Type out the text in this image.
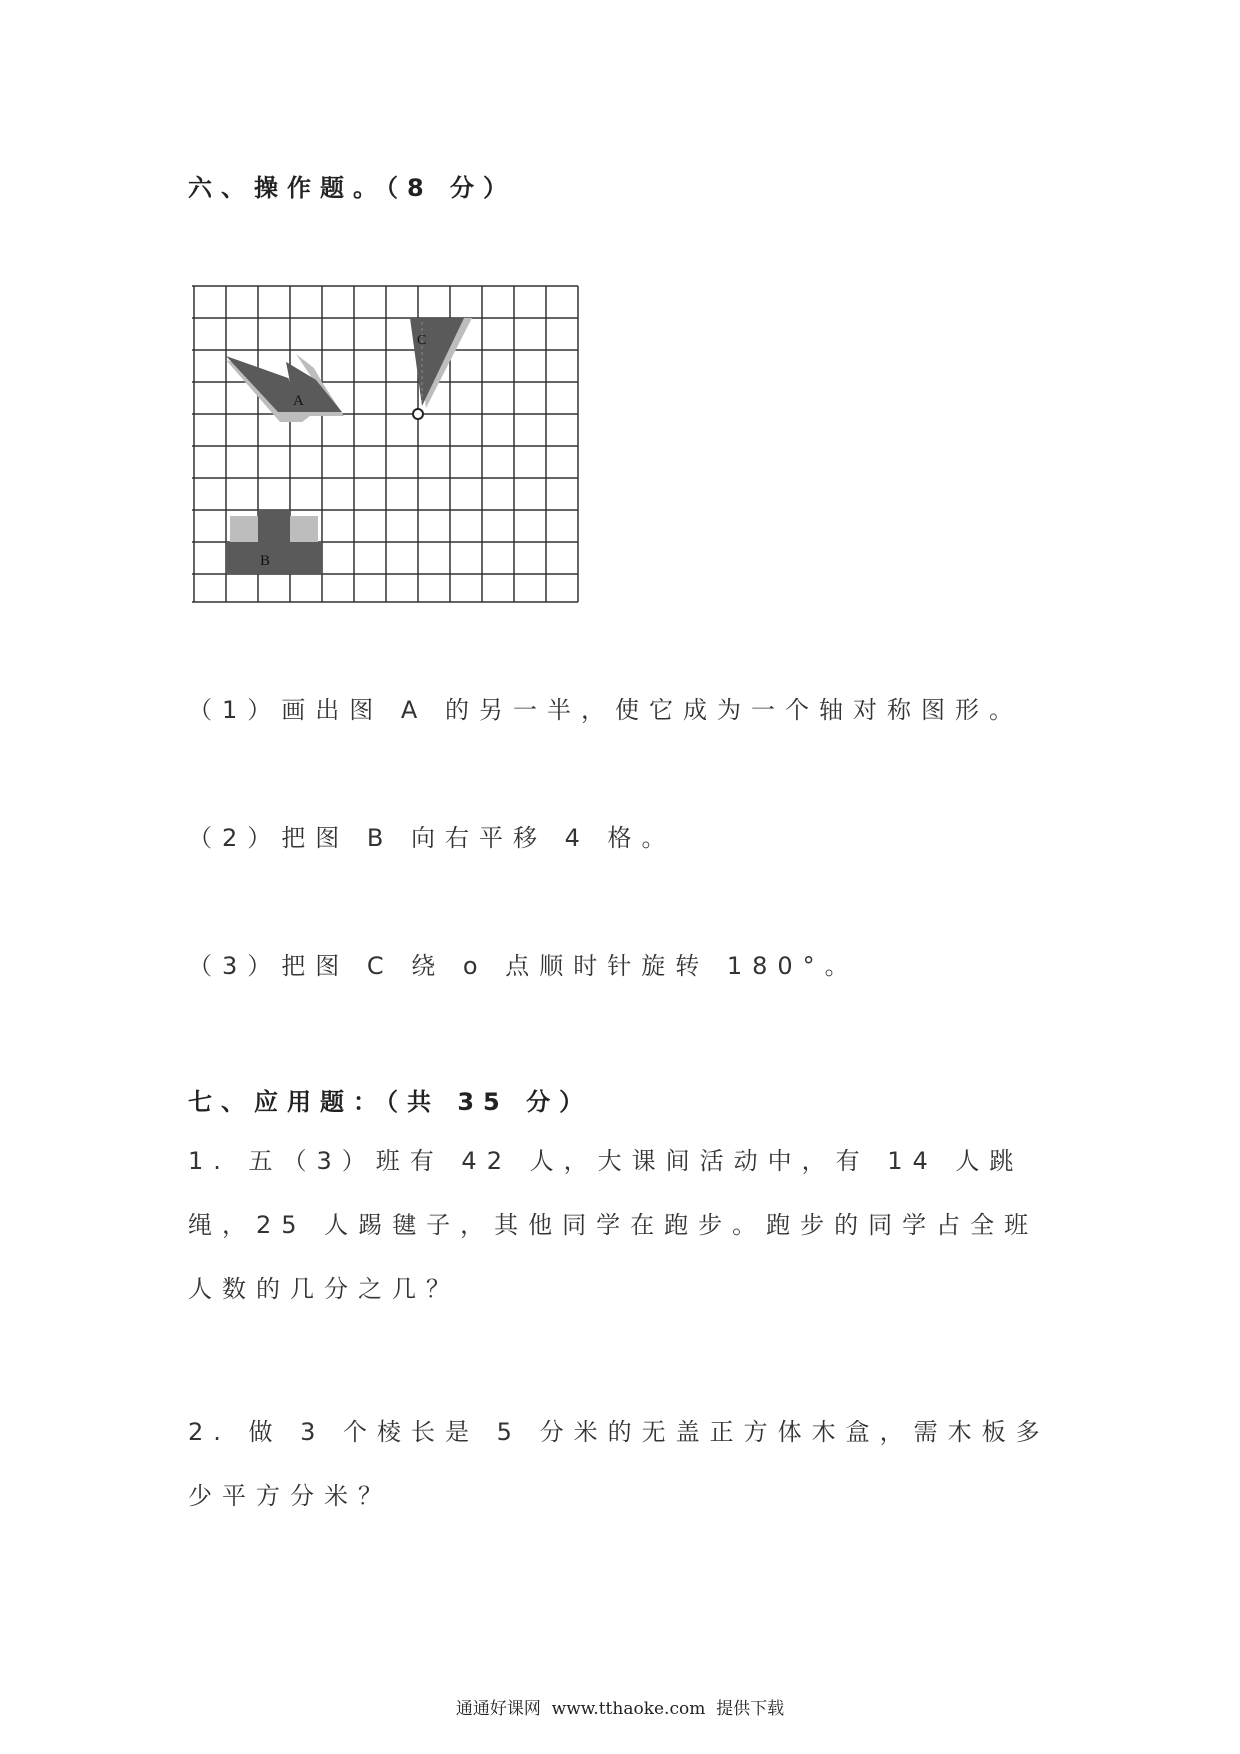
六、操作题。（8 分）
A
B
C
（1）画出图 A 的另一半，使它成为一个轴对称图形。
（2）把图 B 向右平移 4 格。
（3）把图 C 绕 o 点顺时针旋转 180°。
七、应用题：（共 35 分）
1. 五（3）班有 42 人，大课间活动中，有 14 人跳绳，25 人踢毽子，其他同学在跑步。跑步的同学占全班人数的几分之几？
2. 做 3 个棱长是 5 分米的无盖正方体木盒，需木板多少平方分米？
通通好课网  www.tthaoke.com  提供下载
